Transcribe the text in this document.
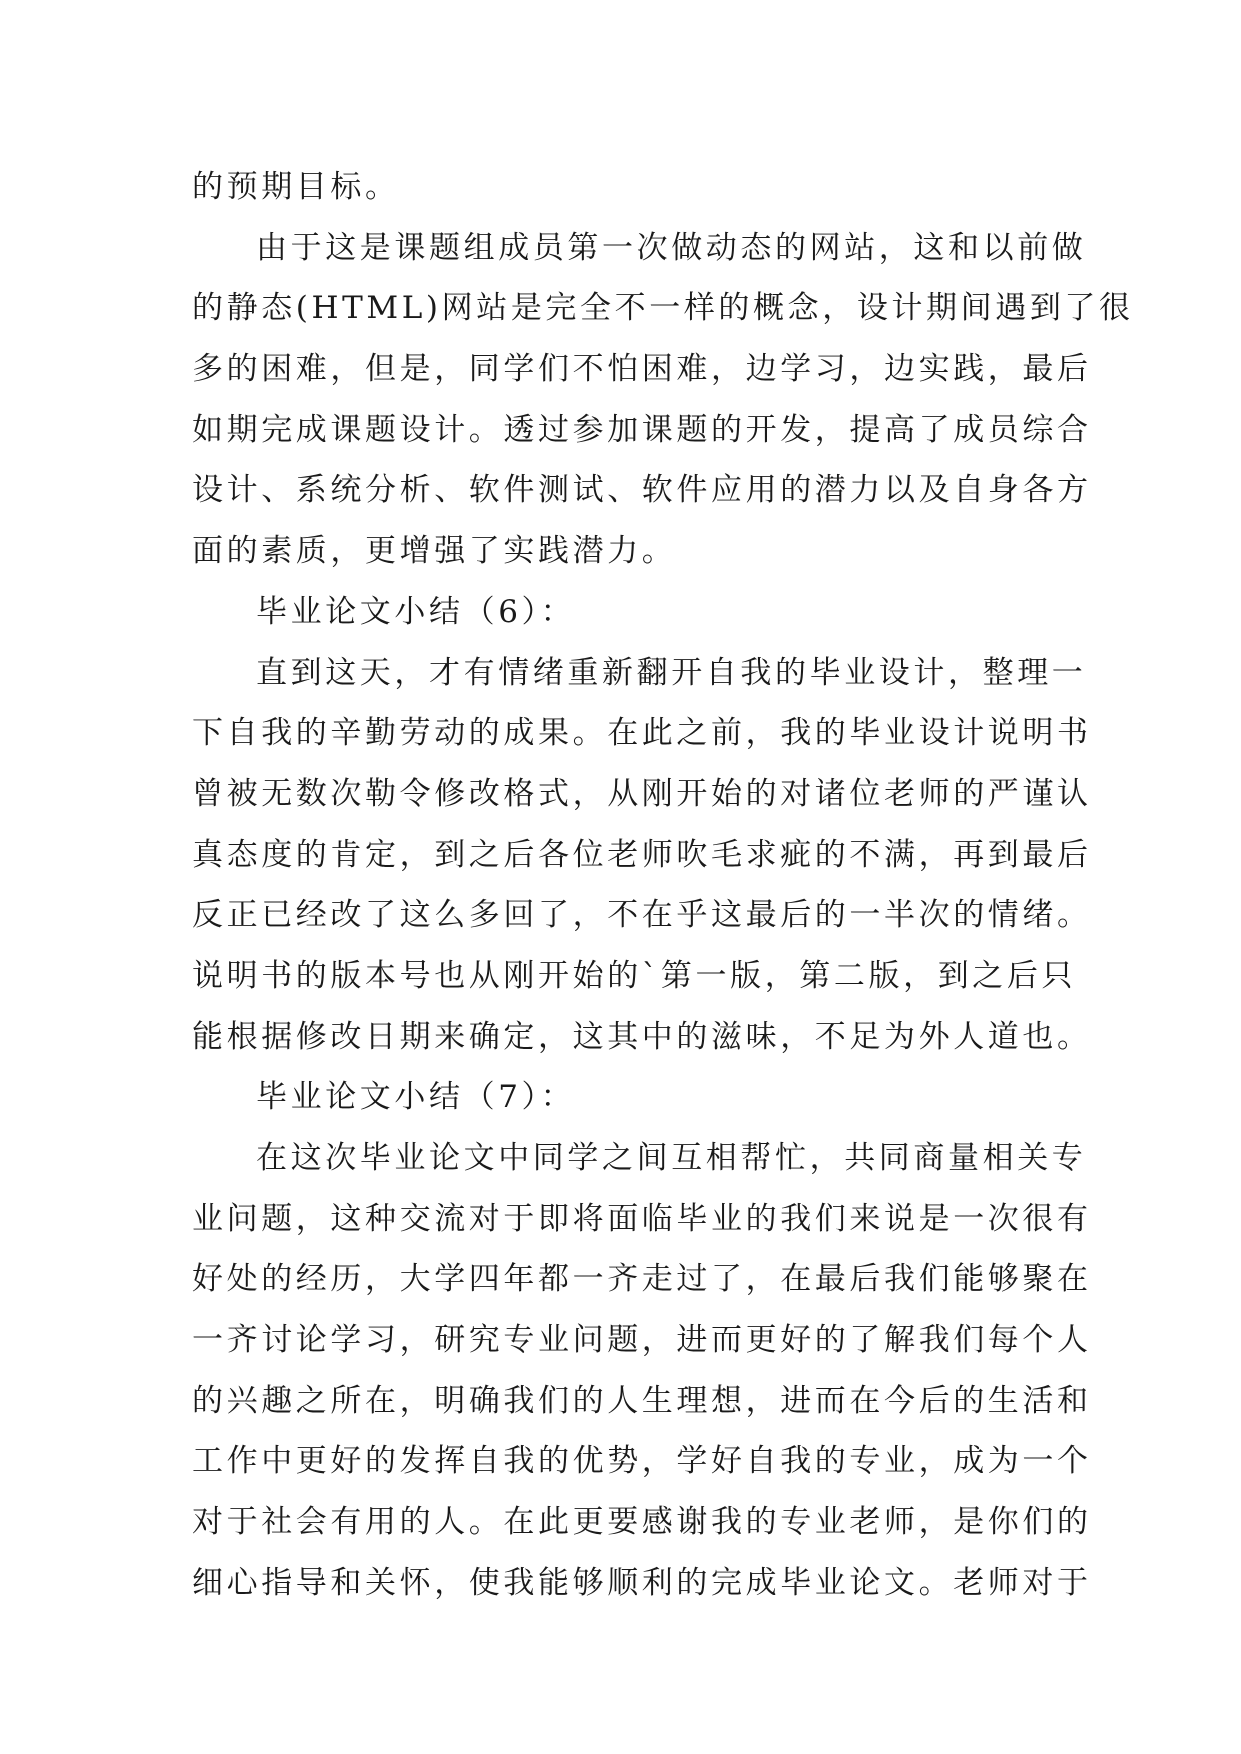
的预期目标。
由于这是课题组成员第一次做动态的网站，这和以前做
的静态(HTML)网站是完全不一样的概念，设计期间遇到了很
多的困难，但是，同学们不怕困难，边学习，边实践，最后
如期完成课题设计。透过参加课题的开发，提高了成员综合
设计、系统分析、软件测试、软件应用的潜力以及自身各方
面的素质，更增强了实践潜力。
毕业论文小结（6）：
直到这天，才有情绪重新翻开自我的毕业设计，整理一
下自我的辛勤劳动的成果。在此之前，我的毕业设计说明书
曾被无数次勒令修改格式，从刚开始的对诸位老师的严谨认
真态度的肯定，到之后各位老师吹毛求疵的不满，再到最后
反正已经改了这么多回了，不在乎这最后的一半次的情绪。
说明书的版本号也从刚开始的`第一版，第二版，到之后只
能根据修改日期来确定，这其中的滋味，不足为外人道也。
毕业论文小结（7）：
在这次毕业论文中同学之间互相帮忙，共同商量相关专
业问题，这种交流对于即将面临毕业的我们来说是一次很有
好处的经历，大学四年都一齐走过了，在最后我们能够聚在
一齐讨论学习，研究专业问题，进而更好的了解我们每个人
的兴趣之所在，明确我们的人生理想，进而在今后的生活和
工作中更好的发挥自我的优势，学好自我的专业，成为一个
对于社会有用的人。在此更要感谢我的专业老师，是你们的
细心指导和关怀，使我能够顺利的完成毕业论文。老师对于
